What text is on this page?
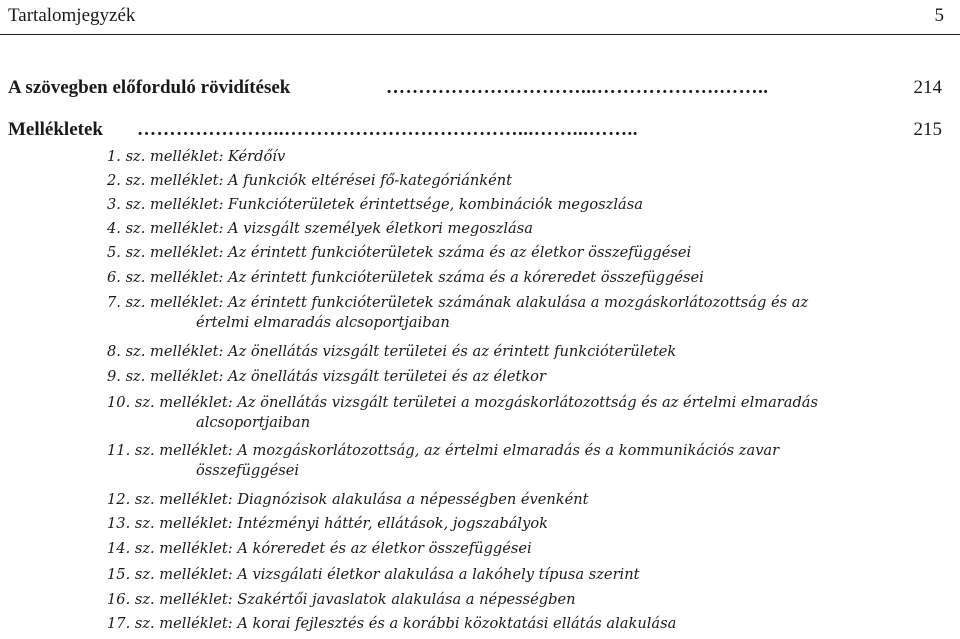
Tartalomjegyzék	5
A szövegben előforduló rövidítések	…………………………...……………….……..	214
Mellékletek …………………..………………………………...……...……..	215
1. sz. melléklet: Kérdőív
2. sz. melléklet: A funkciók eltérései fő-kategóriánként
3. sz. melléklet: Funkcióterületek érintettsége, kombinációk megoszlása
4. sz. melléklet: A vizsgált személyek életkori megoszlása
5. sz. melléklet: Az érintett funkcióterületek száma és az életkor összefüggései
6. sz. melléklet: Az érintett funkcióterületek száma és a kóreredet összefüggései
7. sz. melléklet: Az érintett funkcióterületek számának alakulása a mozgáskorlátozottság és az
értelmi elmaradás alcsoportjaiban
8. sz. melléklet: Az önellátás vizsgált területei és az érintett funkcióterületek
9. sz. melléklet: Az önellátás vizsgált területei és az életkor
10. sz. melléklet: Az önellátás vizsgált területei a mozgáskorlátozottság és az értelmi elmaradás
alcsoportjaiban
11. sz. melléklet: A mozgáskorlátozottság, az értelmi elmaradás és a kommunikációs zavar
összefüggései
12. sz. melléklet: Diagnózisok alakulása a népességben évenként
13. sz. melléklet: Intézményi háttér, ellátások, jogszabályok
14. sz. melléklet: A kóreredet és az életkor összefüggései
15. sz. melléklet: A vizsgálati életkor alakulása a lakóhely típusa szerint
16. sz. melléklet: Szakértői javaslatok alakulása a népességben
17. sz. melléklet: A korai fejlesztés és a korábbi közoktatási ellátás alakulása
